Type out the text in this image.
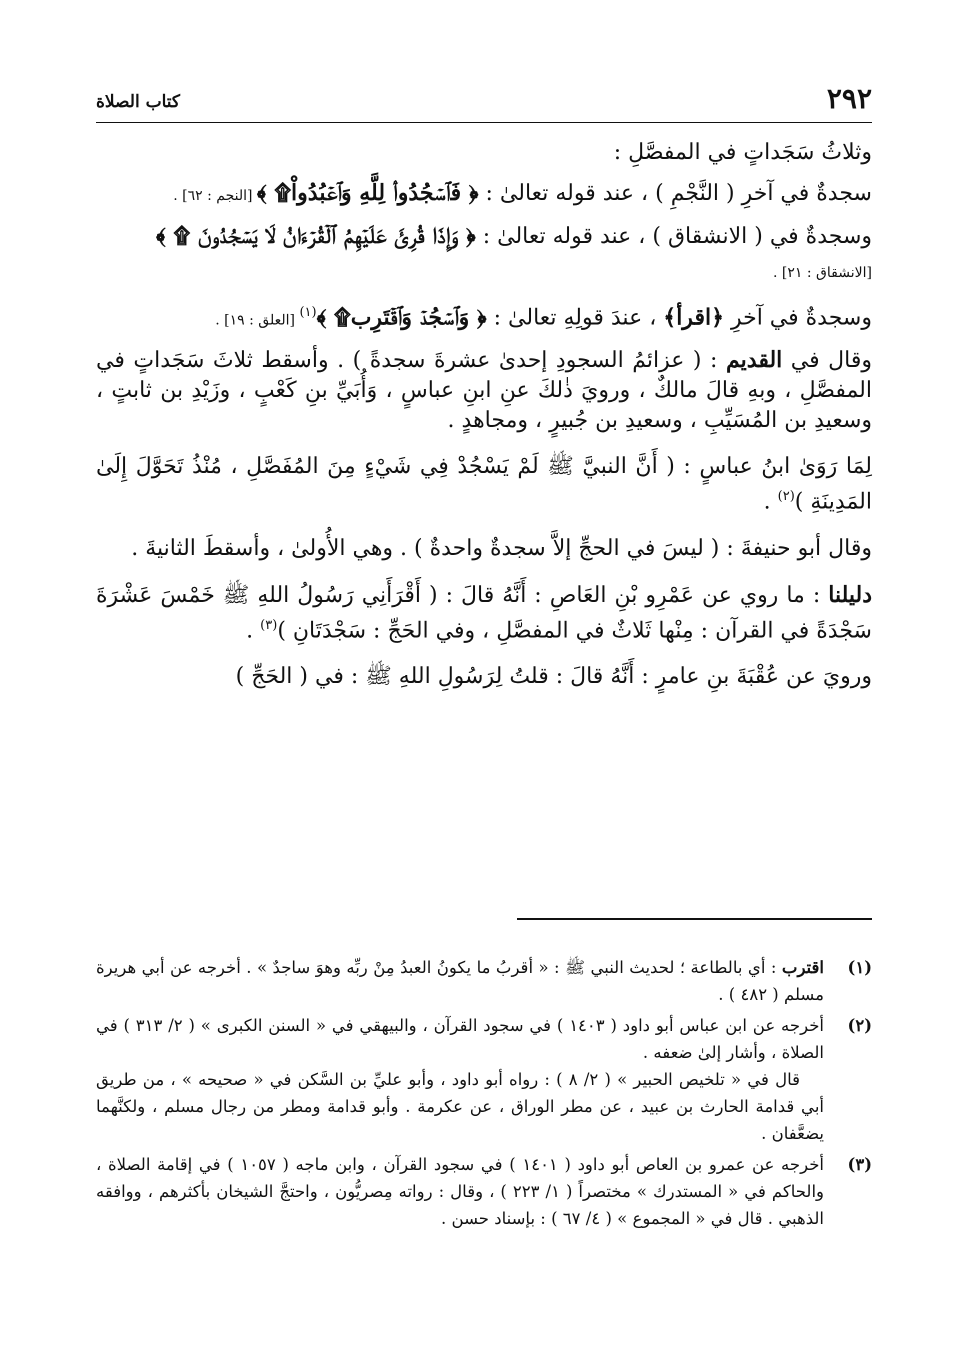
٢٩٢
كتاب الصلاة

وثلاثُ سَجَداتٍ في المفصَّلِ :

سجدةٌ في آخرِ ( النَّجْمِ ) ، عند قوله تعالىٰ : ﴿ فَٱسۡجُدُواْۤ لِلَّهِ وَٱعۡبُدُواْ۩ ﴾ [النجم : ٦٢] .

وسجدةٌ في ( الانشقاق ) ، عند قوله تعالىٰ : ﴿ وَإِذَا قُرِئَ عَلَيۡهِمُ ٱلۡقُرۡءَانُ لَا يَسۡجُدُونَ ۩ ﴾

[الانشقاق : ٢١] .

وسجدةٌ في آخرِ ﴿اقرأ﴾ ، عندَ قولِهِ تعالىٰ : ﴿ وَٱسۡجُدۡ وَٱقۡتَرِب۩ ﴾$^{(١)}$ [العلق : ١٩] .

وقال في القديم : ( عزائمُ السجودِ إحدىٰ عشرةَ سجدةً ) . وأسقط ثلاثَ سَجَداتٍ في المفصَّلِ ، وبهِ قالَ مالكٌ ، ورويَ ذٰلكَ عنِ ابنِ عباسٍ ، وَأُبَيِّ بنِ كَعْبٍ ، وزَيْدِ بن ثابتٍ ، وسعيدِ بن المُسَيِّبِ ، وسعيدِ بن جُبيرٍ ، ومجاهدٍ .

لِمَا رَوَىٰ ابنُ عباسٍ : ( أَنَّ النبيَّ ﷺ لَمْ يَسْجُدْ فِي شَيْءٍ مِنَ المُفَصَّلِ ، مُنْذُ تَحَوَّلَ إِلَىٰ المَدِينَةِ )$^{(٢)}$ .

وقال أبو حنيفةَ : ( ليسَ في الحجِّ إلاَّ سجدةٌ واحدةٌ ) . وهي الأُولىٰ ، وأسقطَ الثانيةَ .

دليلنا : ما روي عن عَمْرِو بْنِ العَاصِ : أَنَّهُ قالَ : ( أَقْرَأَنِي رَسُولُ اللهِ ﷺ خَمْسَ عَشْرَةَ سَجْدَةً في القرآن : مِنْها ثَلاثٌ في المفصَّلِ ، وفي الحَجِّ : سَجْدَتَانِ )$^{(٣)}$ .

ورويَ عن عُقْبَةَ بنِ عامرٍ : أَنَّهُ قالَ : قلتُ لِرَسُولِ اللهِ ﷺ : في ( الحَجِّ )

(١)

اقترب : أي بالطاعة ؛ لحديث النبي ﷺ : « أقربُ ما يكونُ العبدُ مِنْ ربِّه وهوَ ساجدٌ » . أخرجه عن أبي هريرة مسلم ( ٤٨٢ ) .

(٢)

أخرجه عن ابن عباس أبو داود ( ١٤٠٣ ) في سجود القرآن ، والبيهقي في « السنن الكبرى » ( ٢/ ٣١٣ ) في الصلاة ، وأشار إلىٰ ضعفه .

قال في « تلخيص الحبير » ( ٢/ ٨ ) : رواه أبو داود ، وأبو عليِّ بن السَّكن في « صحيحه » ، من طريق أبي قدامة الحارث بن عبيد ، عن مطر الوراق ، عن عكرمة . وأبو قدامة ومطر من رجال مسلم ، ولكنَّهما يضعَّفان .

(٣)

أخرجه عن عمرو بن العاص أبو داود ( ١٤٠١ ) في سجود القرآن ، وابن ماجه ( ١٠٥٧ ) في إقامة الصلاة ، والحاكم في « المستدرك » مختصراً ( ١/ ٢٢٣ ) ، وقال : رواته مِصريُّون ، واحتجَّ الشيخان بأكثرهم ، ووافقه الذهبي . قال في « المجموع » ( ٤/ ٦٧ ) : بإسناد حسن .
